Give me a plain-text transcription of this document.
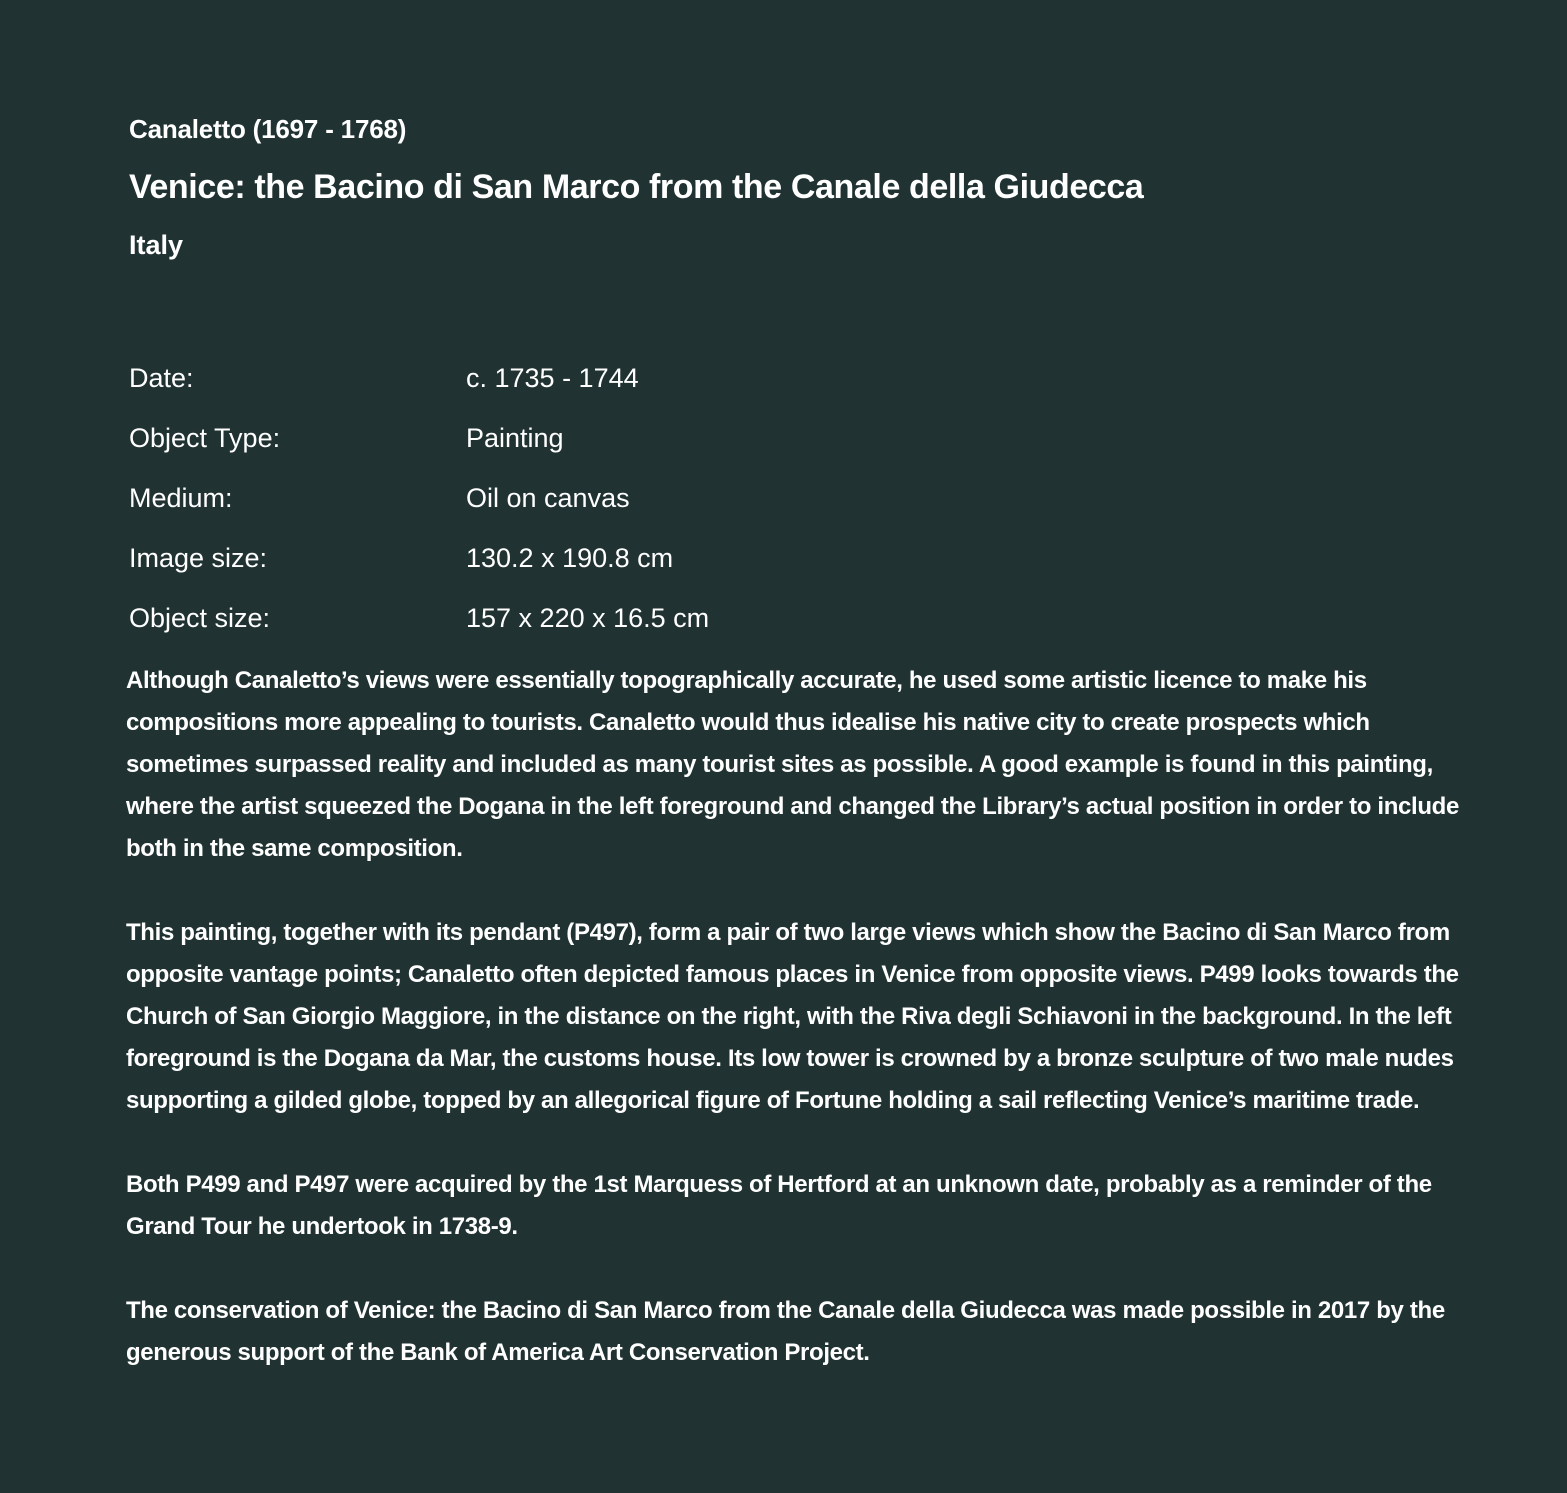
Canaletto (1697 - 1768)
Venice: the Bacino di San Marco from the Canale della Giudecca
Italy
Date:	c. 1735 - 1744
Object Type:	Painting
Medium:	Oil on canvas
Image size:	130.2 x 190.8 cm
Object size:	157 x 220 x 16.5 cm

Although Canaletto’s views were essentially topographically accurate, he used some artistic licence to make his compositions more appealing to tourists. Canaletto would thus idealise his native city to create prospects which sometimes surpassed reality and included as many tourist sites as possible. A good example is found in this painting, where the artist squeezed the Dogana in the left foreground and changed the Library’s actual position in order to include both in the same composition.

This painting, together with its pendant (P497), form a pair of two large views which show the Bacino di San Marco from opposite vantage points; Canaletto often depicted famous places in Venice from opposite views. P499 looks towards the Church of San Giorgio Maggiore, in the distance on the right, with the Riva degli Schiavoni in the background. In the left foreground is the Dogana da Mar, the customs house. Its low tower is crowned by a bronze sculpture of two male nudes supporting a gilded globe, topped by an allegorical figure of Fortune holding a sail reflecting Venice’s maritime trade.

Both P499 and P497 were acquired by the 1st Marquess of Hertford at an unknown date, probably as a reminder of the Grand Tour he undertook in 1738-9.

The conservation of Venice: the Bacino di San Marco from the Canale della Giudecca was made possible in 2017 by the generous support of the Bank of America Art Conservation Project.
